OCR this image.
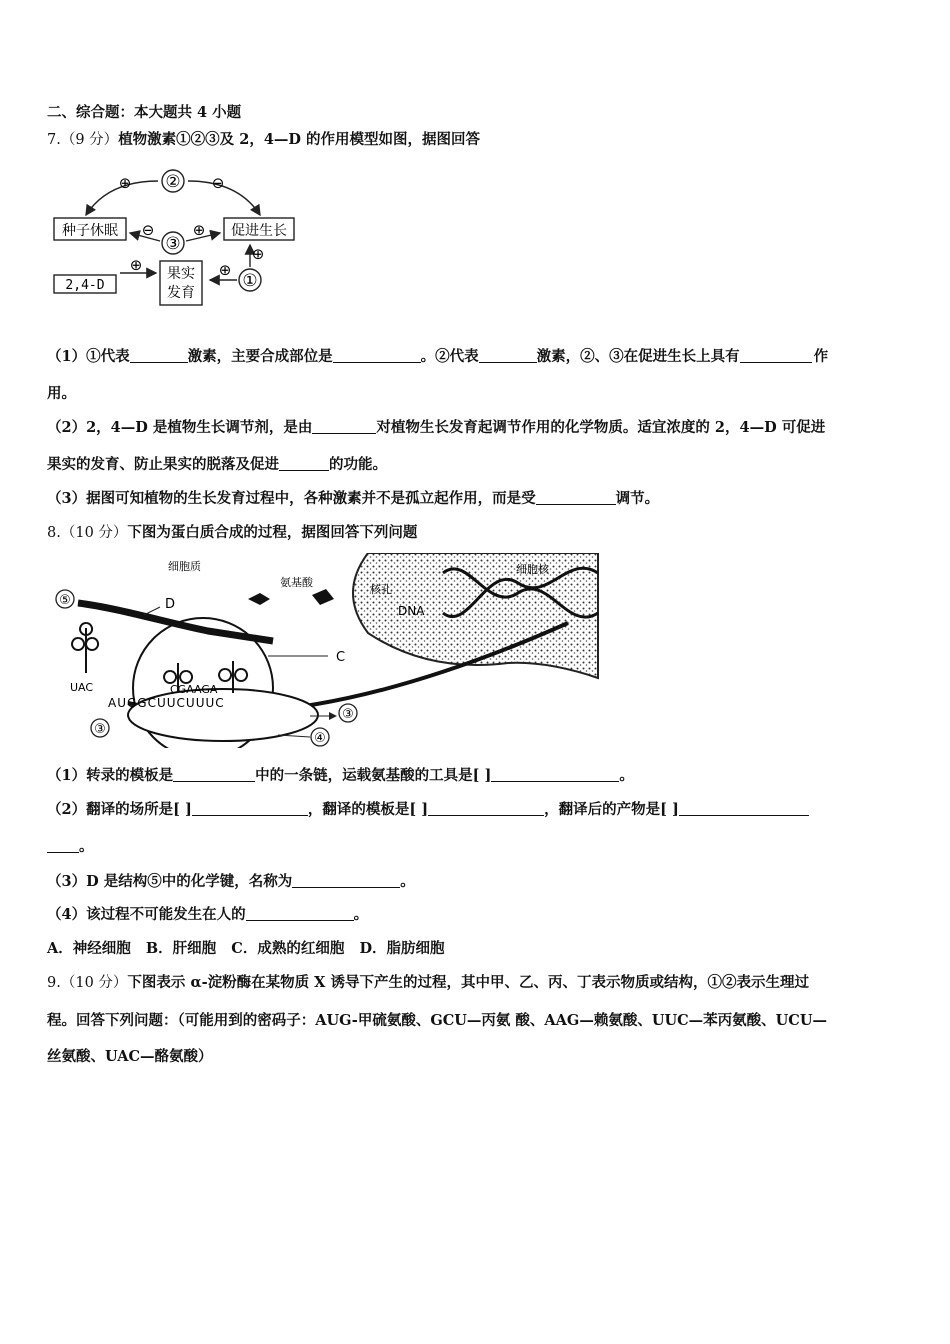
二、综合题：本大题共 4 小题
7.（9 分）植物激素①②③及 2，4—D 的作用模型如图，据图回答
②
⊕	⊖
种子休眠	促进生长
③
⊖	⊕
①
⊕
⊕
2,4-D
⊕ 果实
发育
（1）①代表	激素，主要合成部位是	。②代表	激素，②、③在促进生长上具有	作
用。
（2）2，4—D 是植物生长调节剂，是由	对植物生长发育起调节作用的化学物质。适宜浓度的 2，4—D 可促进
果实的发育、防止果实的脱落及促进	的功能。
（3）据图可知植物的生长发育过程中，各种激素并不是孤立起作用，而是受	调节。
8.（10 分）下图为蛋白质合成的过程，据图回答下列问题
细胞质
氨基酸
细胞核
核孔
DNA
⑤	D
UAC	CGAAGA
AUGGCUUCUUUC
C
③
③
④
（1）转录的模板是	中的一条链，运载氨基酸的工具是[ ]	。
（2）翻译的场所是[ ]	，翻译的模板是[ ]	，翻译后的产物是[ ]
。
（3）D 是结构⑤中的化学键，名称为	。
（4）该过程不可能发生在人的	。
A．神经细胞   B．肝细胞   C．成熟的红细胞   D．脂肪细胞
9.（10 分）下图表示 α-淀粉酶在某物质 X 诱导下产生的过程，其中甲、乙、丙、丁表示物质或结构，①②表示生理过
程。回答下列问题：（可能用到的密码子：AUG-甲硫氨酸、GCU—丙氨 酸、AAG—赖氨酸、UUC—苯丙氨酸、UCU—
丝氨酸、UAC—酪氨酸）
